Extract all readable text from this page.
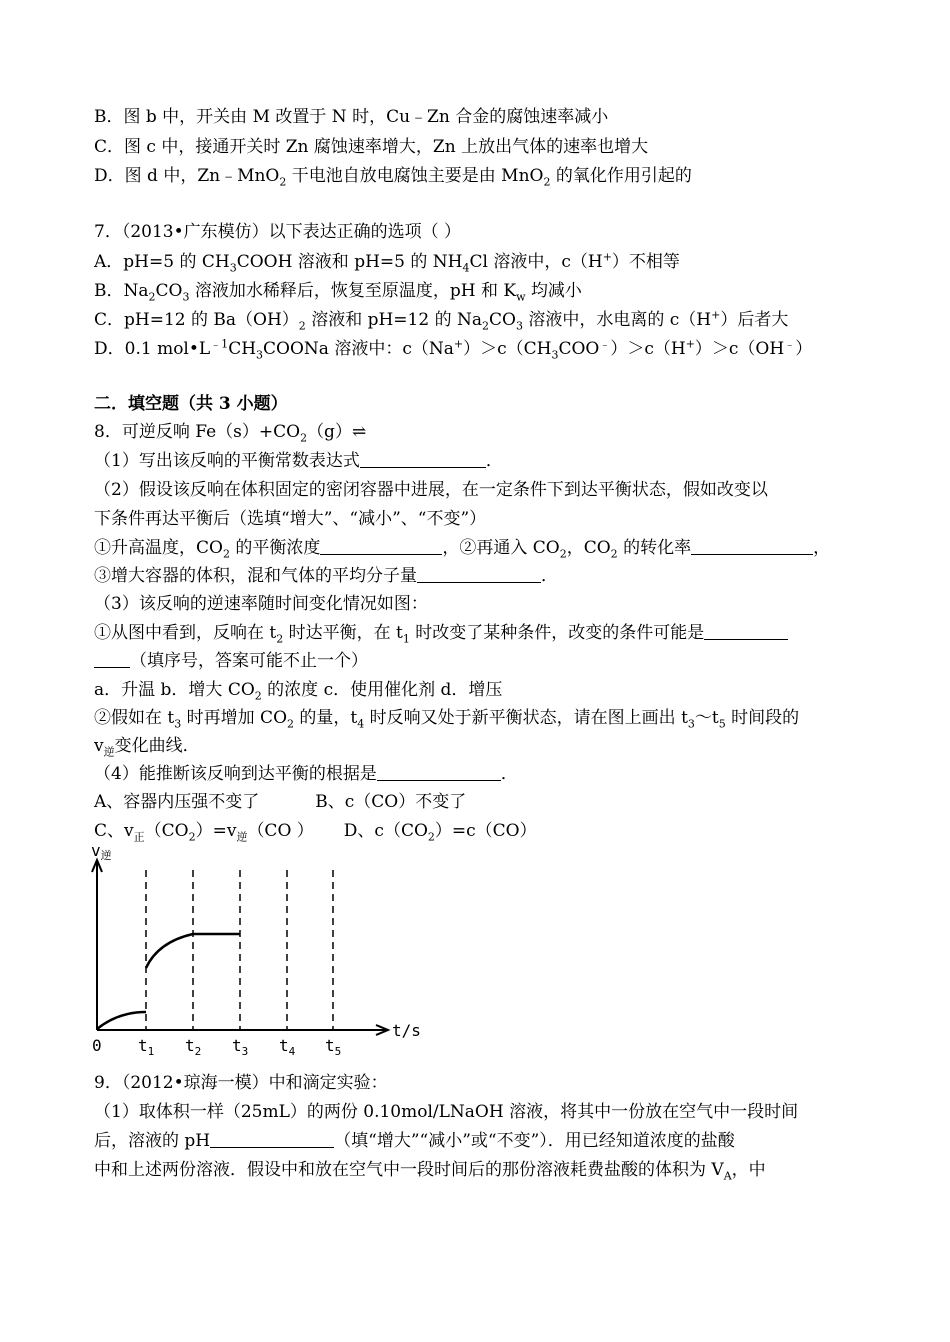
B．图 b 中，开关由 M 改置于 N 时，Cu﹣Zn 合金的腐蚀速率减小
C．图 c 中，接通开关时 Zn 腐蚀速率增大，Zn 上放出气体的速率也增大
D．图 d 中，Zn﹣MnO$_2$ 干电池自放电腐蚀主要是由 MnO$_2$ 的氧化作用引起的
7．（2013•广东模仿）以下表达正确的选项（ ）
A．pH=5 的 $CH_3COOH$ 溶液和 pH=5 的 $NH_4Cl$ 溶液中，c（H+）不相等
B．$Na_2CO_3$ 溶液加水稀释后，恢复至原温度，pH 和 $K_w$ 均减小
C．pH=12 的 $Ba(OH)_2$ 溶液和 pH=12 的 $Na_2CO_3$ 溶液中，水电离的 c（H+）后者大
D．0.1 $mol•L^{﹣1}CH_3COONa$ 溶液中：$c(Na^+)>c(CH_3COO^﹣)>c(H^+)>c(OH^﹣)$
二．填空题（共 3 小题）
8．可逆反响 $Fe(s)+CO_2(g)\rightleftharpoons$
（1）写出该反响的平衡常数表达式	．
（2）假设该反响在体积固定的密闭容器中进展，在一定条件下到达平衡状态，假如改变以
下条件再达平衡后（选填“增大”、“减小”、“不变”）
①升高温度，$CO_2$ 的平衡浓度	，②再通入 $CO_2$，$CO_2$ 的转化率	，
③增大容器的体积，混和气体的平均分子量	．
（3）该反响的逆速率随时间变化情况如图：
①从图中看到，反响在 $t_2$ 时达平衡，在 $t_1$ 时改变了某种条件，改变的条件可能是
（填序号，答案可能不止一个）
a．升温 b．增大 $CO_2$ 的浓度 c．使用催化剂 d．增压
②假如在 $t_3$ 时再增加 $CO_2$ 的量，$t_4$ 时反响又处于新平衡状态，请在图上画出 $t_3\sim t_5$ 时间段的
$v_逆$变化曲线．
（4）能推断该反响到达平衡的根据是	．
A、容器内压强不变了	B、c（CO）不变了
C、$v_正(CO_2)=v_逆(CO$ ） D、$c(CO_2)=c(CO)$
v逆
t/s
0 $t_1$ $t_2$ $t_3$ $t_4$ $t_5$
9．（2012•琼海一模）中和滴定实验：
（1）取体积一样（25mL）的两份 0.10mol/LNaOH 溶液，将其中一份放在空气中一段时间
后，溶液的 pH	（填“增大”“减小”或“不变”）．用已经知道浓度的盐酸
中和上述两份溶液．假设中和放在空气中一段时间后的那份溶液耗费盐酸的体积为 $V_A$，中
